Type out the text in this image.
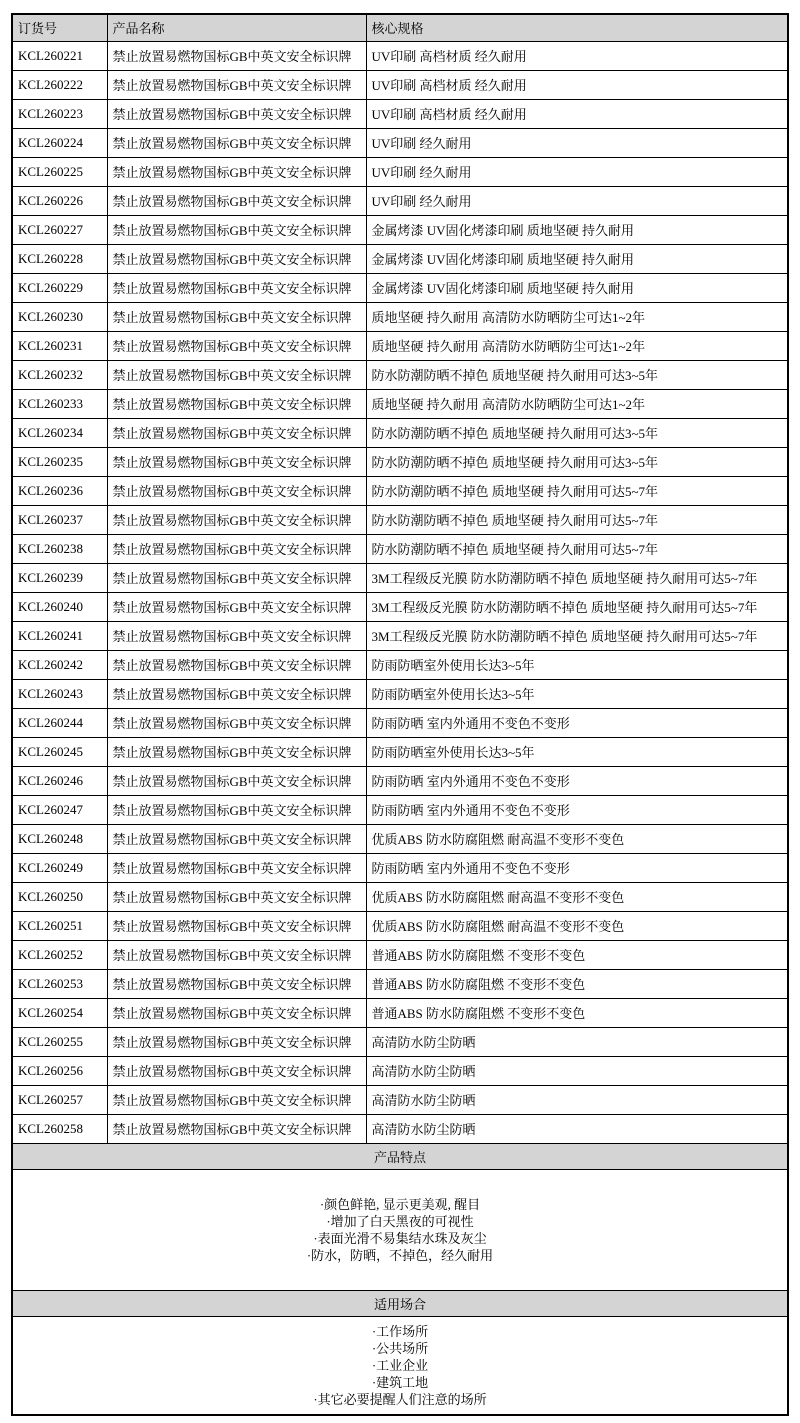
订货号	产品名称	核心规格
KCL260221	禁止放置易燃物国标GB中英文安全标识牌	UV印刷 高档材质 经久耐用
KCL260222	禁止放置易燃物国标GB中英文安全标识牌	UV印刷 高档材质 经久耐用
KCL260223	禁止放置易燃物国标GB中英文安全标识牌	UV印刷 高档材质 经久耐用
KCL260224	禁止放置易燃物国标GB中英文安全标识牌	UV印刷 经久耐用
KCL260225	禁止放置易燃物国标GB中英文安全标识牌	UV印刷 经久耐用
KCL260226	禁止放置易燃物国标GB中英文安全标识牌	UV印刷 经久耐用
KCL260227	禁止放置易燃物国标GB中英文安全标识牌	金属烤漆 UV固化烤漆印刷 质地坚硬 持久耐用
KCL260228	禁止放置易燃物国标GB中英文安全标识牌	金属烤漆 UV固化烤漆印刷 质地坚硬 持久耐用
KCL260229	禁止放置易燃物国标GB中英文安全标识牌	金属烤漆 UV固化烤漆印刷 质地坚硬 持久耐用
KCL260230	禁止放置易燃物国标GB中英文安全标识牌	质地坚硬 持久耐用 高清防水防晒防尘可达1~2年
KCL260231	禁止放置易燃物国标GB中英文安全标识牌	质地坚硬 持久耐用 高清防水防晒防尘可达1~2年
KCL260232	禁止放置易燃物国标GB中英文安全标识牌	防水防潮防晒不掉色 质地坚硬 持久耐用可达3~5年
KCL260233	禁止放置易燃物国标GB中英文安全标识牌	质地坚硬 持久耐用 高清防水防晒防尘可达1~2年
KCL260234	禁止放置易燃物国标GB中英文安全标识牌	防水防潮防晒不掉色 质地坚硬 持久耐用可达3~5年
KCL260235	禁止放置易燃物国标GB中英文安全标识牌	防水防潮防晒不掉色 质地坚硬 持久耐用可达3~5年
KCL260236	禁止放置易燃物国标GB中英文安全标识牌	防水防潮防晒不掉色 质地坚硬 持久耐用可达5~7年
KCL260237	禁止放置易燃物国标GB中英文安全标识牌	防水防潮防晒不掉色 质地坚硬 持久耐用可达5~7年
KCL260238	禁止放置易燃物国标GB中英文安全标识牌	防水防潮防晒不掉色 质地坚硬 持久耐用可达5~7年
KCL260239	禁止放置易燃物国标GB中英文安全标识牌	3M工程级反光膜 防水防潮防晒不掉色 质地坚硬 持久耐用可达5~7年
KCL260240	禁止放置易燃物国标GB中英文安全标识牌	3M工程级反光膜 防水防潮防晒不掉色 质地坚硬 持久耐用可达5~7年
KCL260241	禁止放置易燃物国标GB中英文安全标识牌	3M工程级反光膜 防水防潮防晒不掉色 质地坚硬 持久耐用可达5~7年
KCL260242	禁止放置易燃物国标GB中英文安全标识牌	防雨防晒室外使用长达3~5年
KCL260243	禁止放置易燃物国标GB中英文安全标识牌	防雨防晒室外使用长达3~5年
KCL260244	禁止放置易燃物国标GB中英文安全标识牌	防雨防晒 室内外通用不变色不变形
KCL260245	禁止放置易燃物国标GB中英文安全标识牌	防雨防晒室外使用长达3~5年
KCL260246	禁止放置易燃物国标GB中英文安全标识牌	防雨防晒 室内外通用不变色不变形
KCL260247	禁止放置易燃物国标GB中英文安全标识牌	防雨防晒 室内外通用不变色不变形
KCL260248	禁止放置易燃物国标GB中英文安全标识牌	优质ABS 防水防腐阻燃 耐高温不变形不变色
KCL260249	禁止放置易燃物国标GB中英文安全标识牌	防雨防晒 室内外通用不变色不变形
KCL260250	禁止放置易燃物国标GB中英文安全标识牌	优质ABS 防水防腐阻燃 耐高温不变形不变色
KCL260251	禁止放置易燃物国标GB中英文安全标识牌	优质ABS 防水防腐阻燃 耐高温不变形不变色
KCL260252	禁止放置易燃物国标GB中英文安全标识牌	普通ABS 防水防腐阻燃 不变形不变色
KCL260253	禁止放置易燃物国标GB中英文安全标识牌	普通ABS 防水防腐阻燃 不变形不变色
KCL260254	禁止放置易燃物国标GB中英文安全标识牌	普通ABS 防水防腐阻燃 不变形不变色
KCL260255	禁止放置易燃物国标GB中英文安全标识牌	高清防水防尘防晒
KCL260256	禁止放置易燃物国标GB中英文安全标识牌	高清防水防尘防晒
KCL260257	禁止放置易燃物国标GB中英文安全标识牌	高清防水防尘防晒
KCL260258	禁止放置易燃物国标GB中英文安全标识牌	高清防水防尘防晒
产品特点		

·颜色鲜艳, 显示更美观, 醒目
·增加了白天黑夜的可视性
·表面光滑不易集结水珠及灰尘
·防水，防晒，不掉色，经久耐用		

适用场合		

·工作场所
·公共场所
·工业企业
·建筑工地
·其它必要提醒人们注意的场所		
